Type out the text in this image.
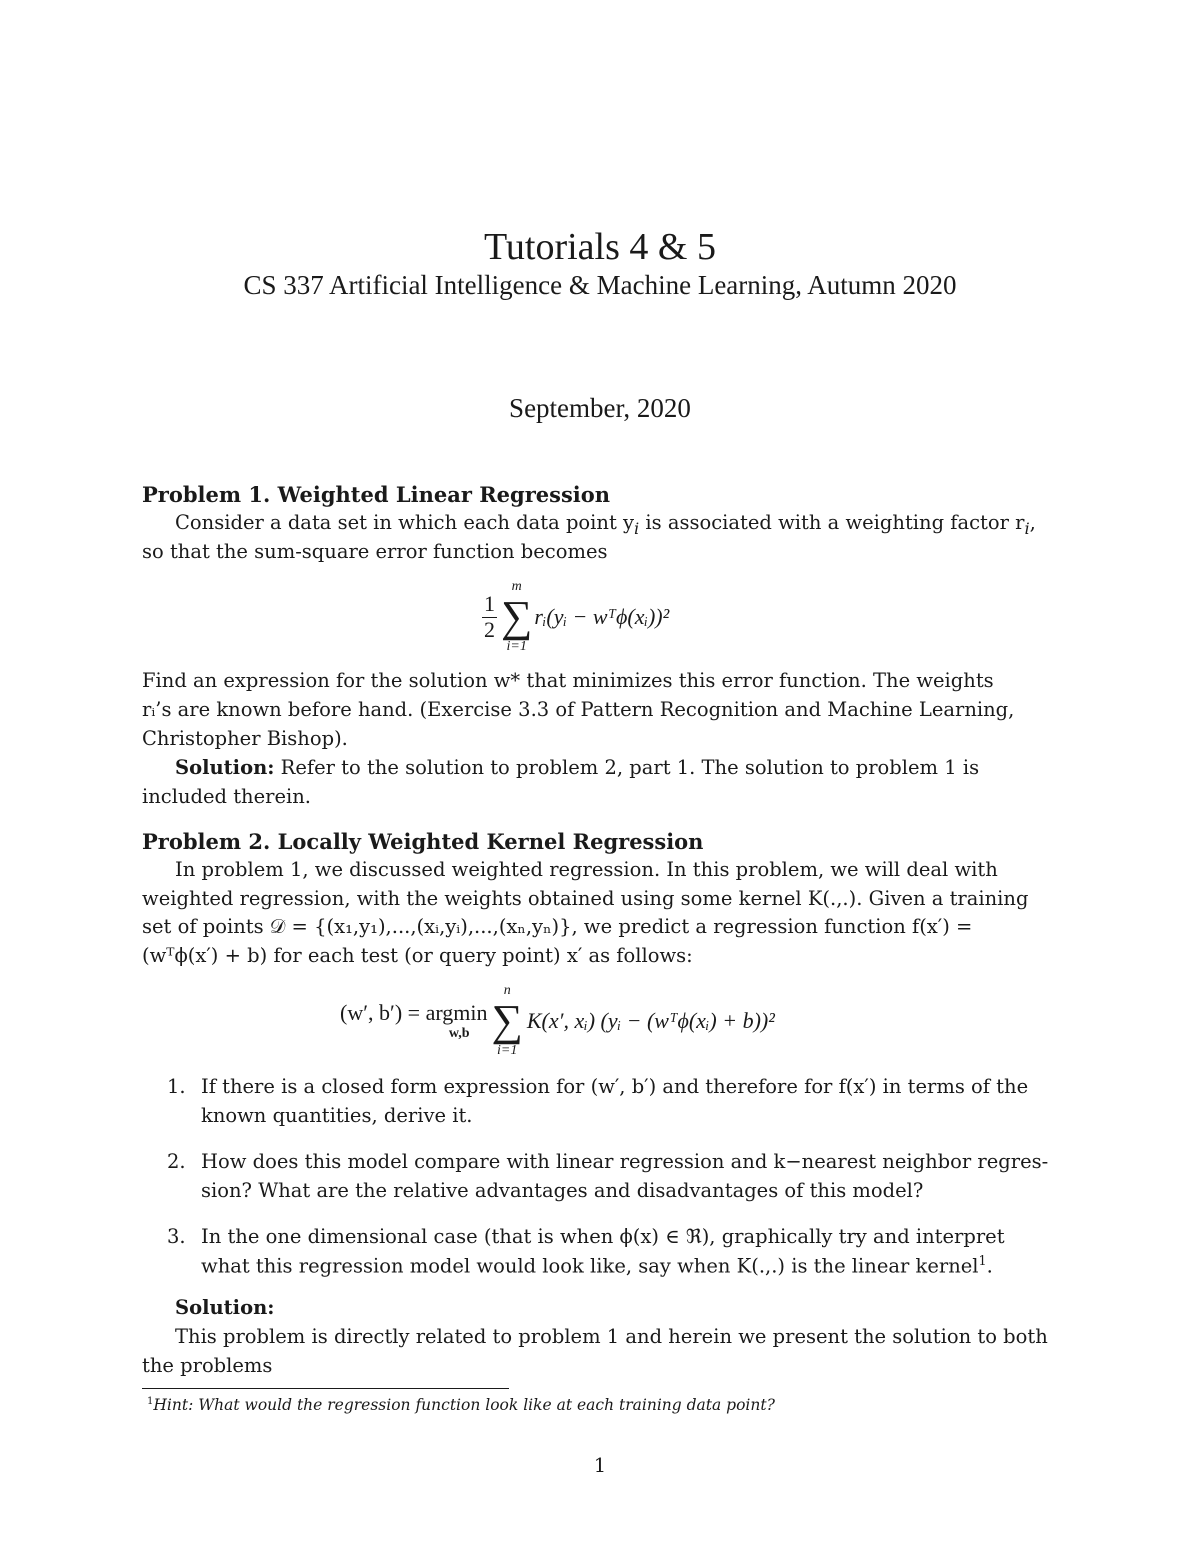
Tutorials 4 & 5
CS 337 Artificial Intelligence & Machine Learning, Autumn 2020
September, 2020
Problem 1. Weighted Linear Regression
Consider a data set in which each data point $y_i$ is associated with a weighting factor $r_i$,
so that the sum-square error function becomes
$\frac{1}{2}$
m
∑
i=1
rᵢ(yᵢ − wᵀϕ(xᵢ))²
Find an expression for the solution w* that minimizes this error function. The weights
rᵢ’s are known before hand. (Exercise 3.3 of Pattern Recognition and Machine Learning,
Christopher Bishop).
Solution: Refer to the solution to problem 2, part 1. The solution to problem 1 is
included therein.
Problem 2. Locally Weighted Kernel Regression
In problem 1, we discussed weighted regression. In this problem, we will deal with
weighted regression, with the weights obtained using some kernel K(.,.). Given a training
set of points 𝒟 = {(x₁,y₁),...,(xᵢ,yᵢ),...,(xₙ,yₙ)}, we predict a regression function f(x′) =
(wᵀϕ(x′) + b) for each test (or query point) x′ as follows:
(w′, b′) = argmin
w,b
n
∑
i=1
K(x′, xᵢ) (yᵢ − (wᵀϕ(xᵢ) + b))²
1. If there is a closed form expression for (w′, b′) and therefore for f(x′) in terms of the
known quantities, derive it.
2. How does this model compare with linear regression and k−nearest neighbor regres-
sion? What are the relative advantages and disadvantages of this model?
3. In the one dimensional case (that is when ϕ(x) ∈ ℜ), graphically try and interpret
what this regression model would look like, say when K(.,.) is the linear kernel$^1$.
Solution:
This problem is directly related to problem 1 and herein we present the solution to both
the problems
$^1$Hint: What would the regression function look like at each training data point?
1
